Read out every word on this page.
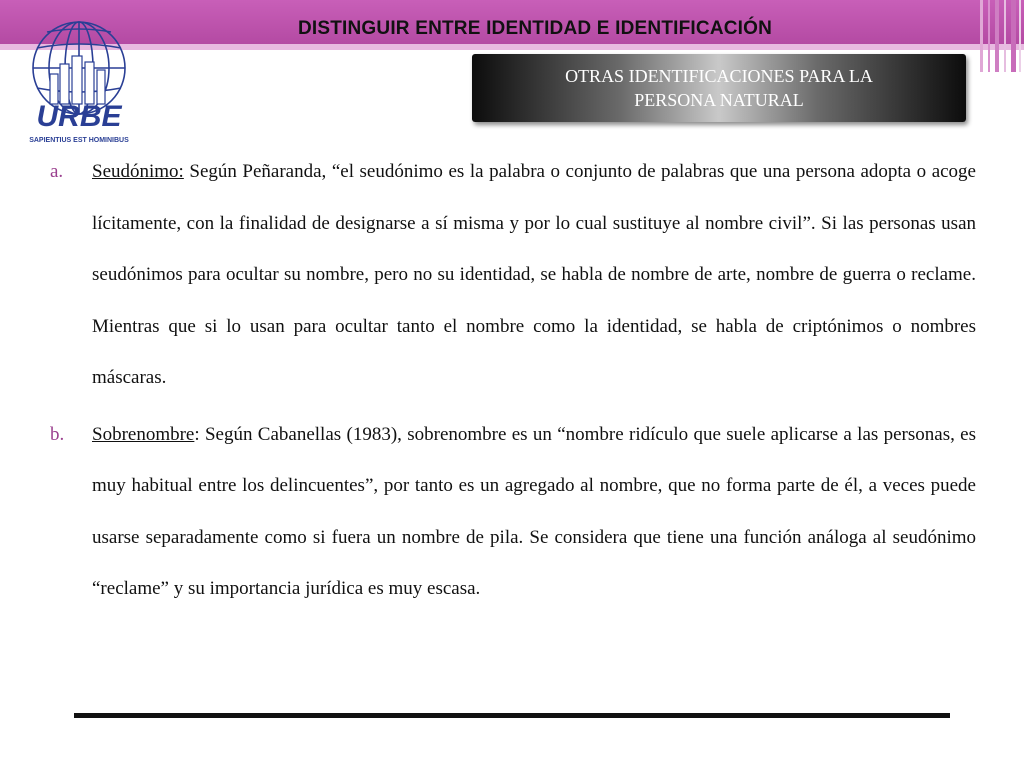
DISTINGUIR ENTRE IDENTIDAD E IDENTIFICACIÓN
URBE
SAPIENTIUS EST HOMINIBUS
OTRAS IDENTIFICACIONES PARA LA PERSONA NATURAL
a.	Seudónimo: Según Peñaranda, “el seudónimo es la palabra o conjunto de palabras que una persona adopta o acoge lícitamente, con la finalidad de designarse a sí misma y por lo cual sustituye al nombre civil”. Si las personas usan seudónimos para ocultar su nombre, pero no su identidad, se habla de nombre de arte, nombre de guerra o reclame. Mientras que si lo usan para ocultar tanto el nombre como la identidad, se habla de criptónimos o nombres máscaras.
b.	Sobrenombre: Según Cabanellas (1983), sobrenombre es un “nombre ridículo que suele aplicarse a las personas, es muy habitual entre los delincuentes”, por tanto es un agregado al nombre, que no forma parte de él, a veces puede usarse separadamente como si fuera un nombre de pila. Se considera que tiene una función análoga al seudónimo “reclame” y su importancia jurídica es muy escasa.
